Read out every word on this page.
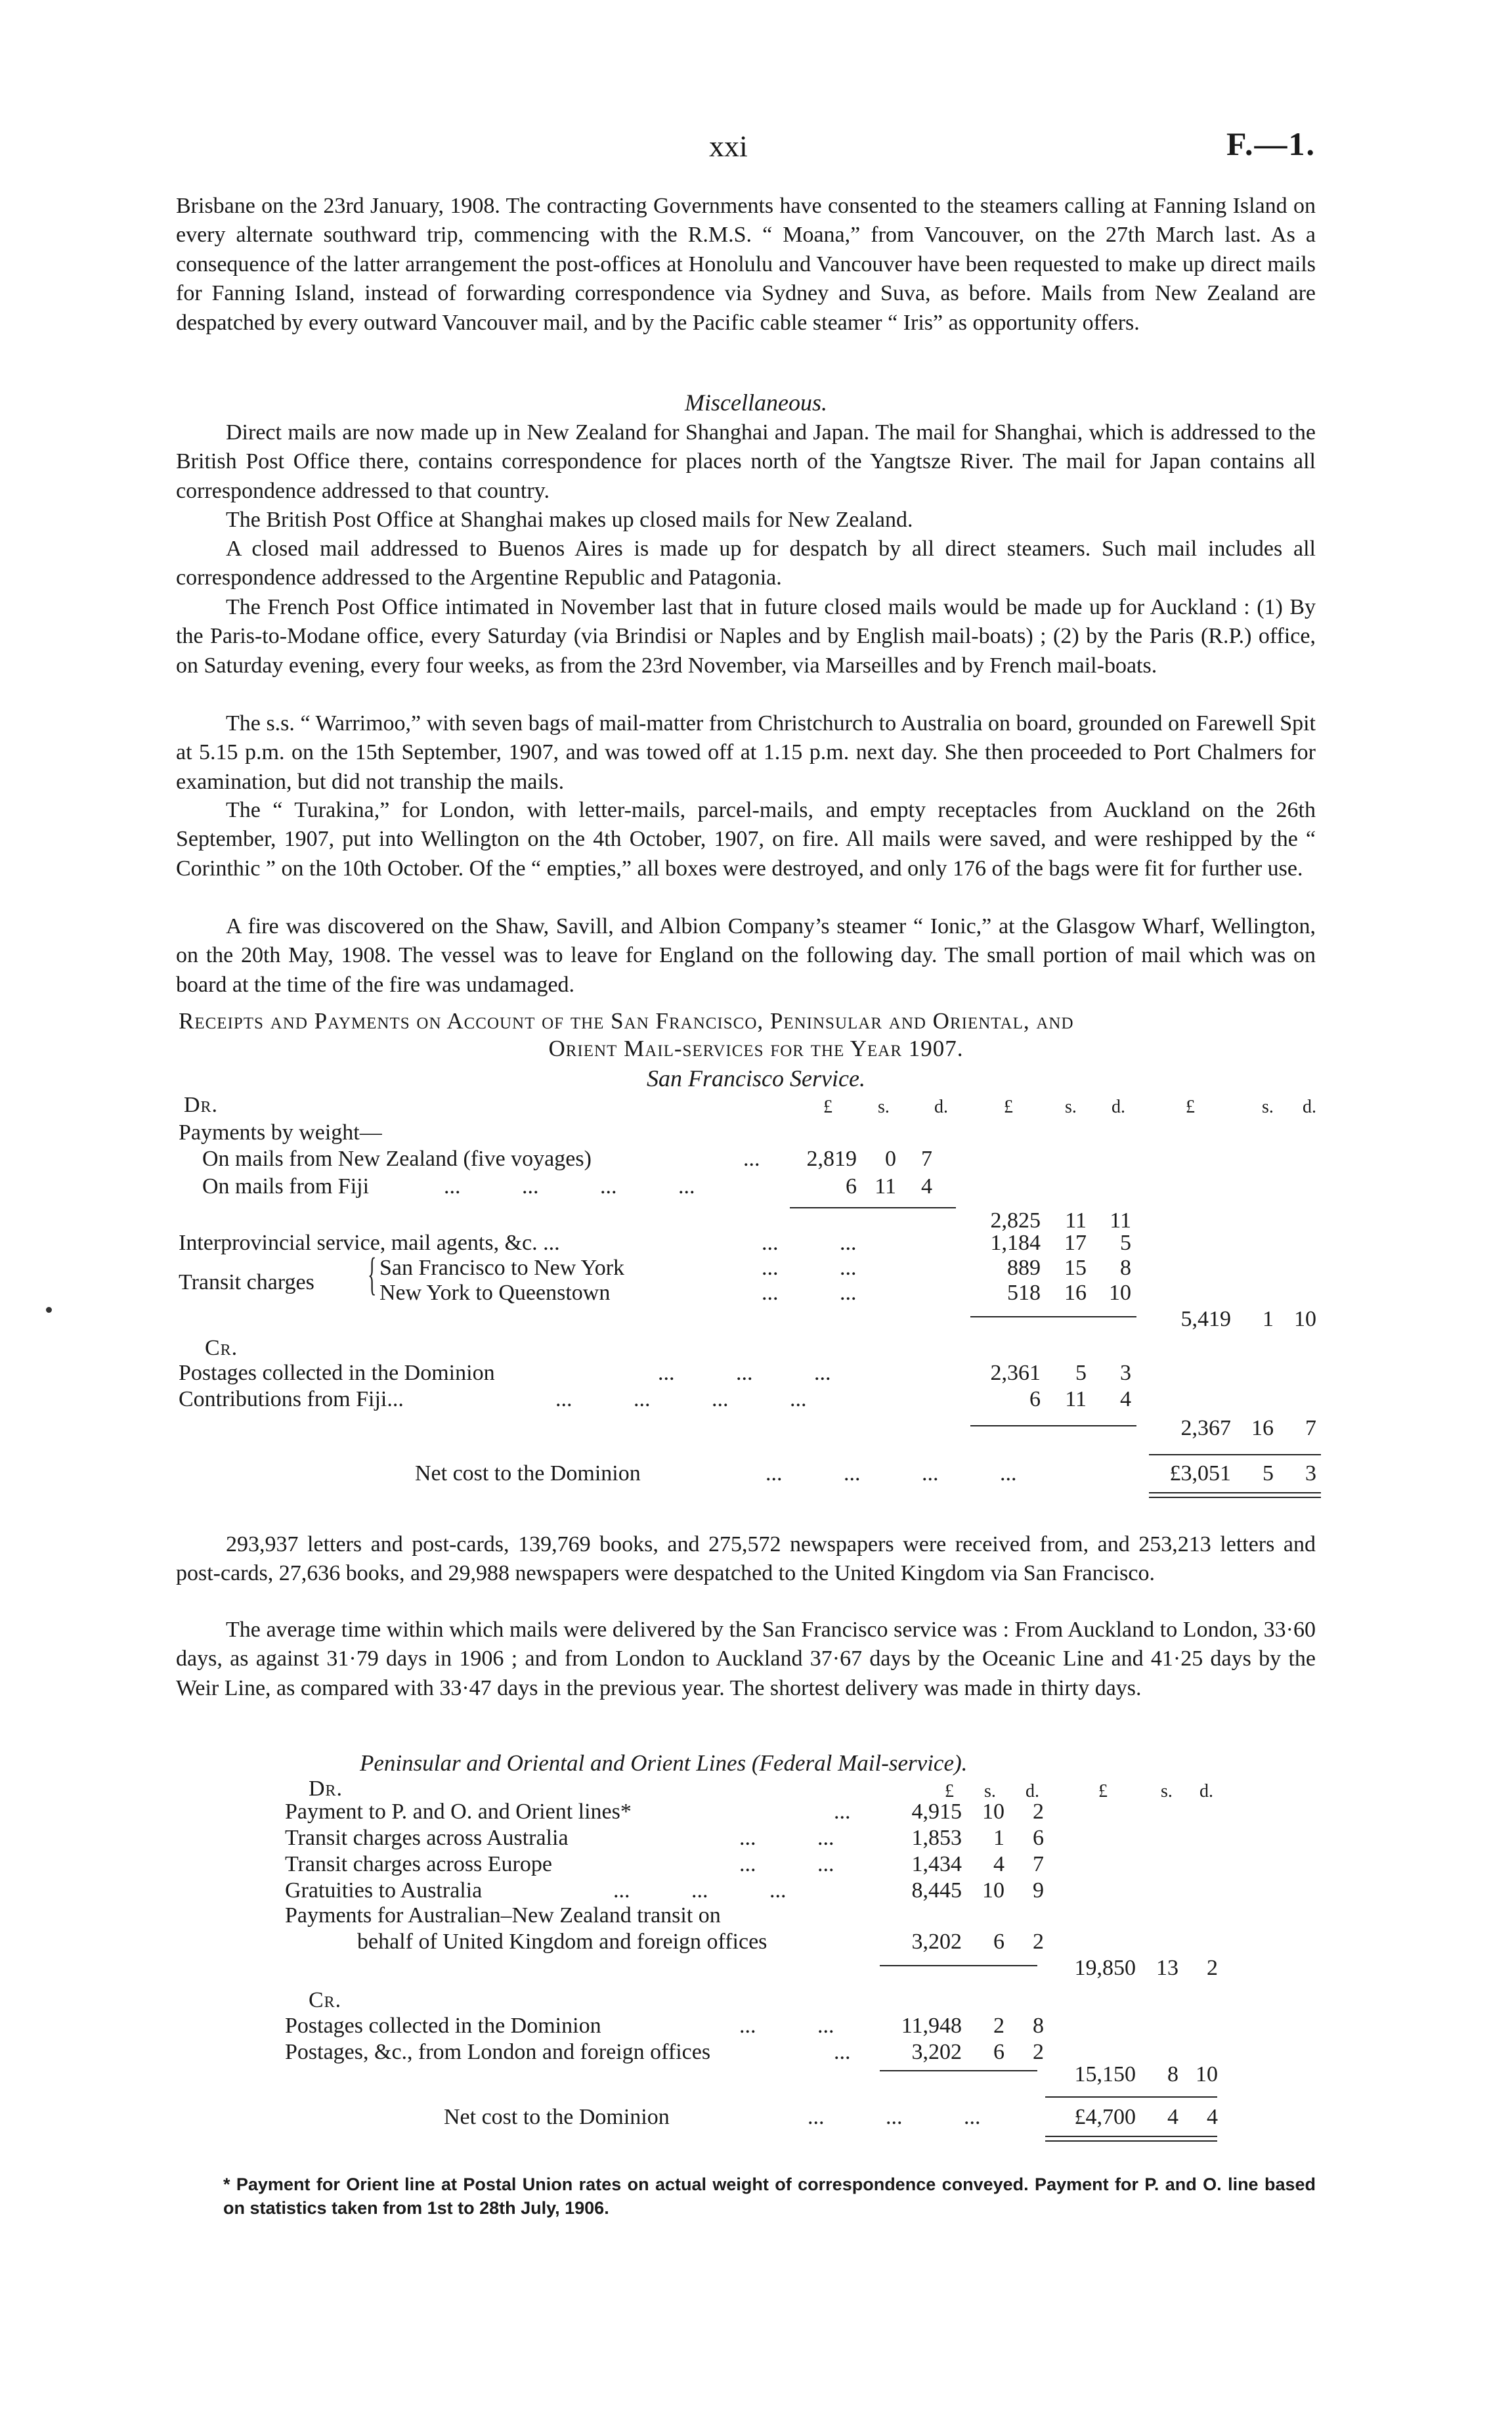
xxi	F.—1.
Brisbane on the 23rd January, 1908. The contracting Governments have consented to the steamers calling at Fanning Island on every alternate southward trip, commencing with the R.M.S. “ Moana,” from Vancouver, on the 27th March last. As a consequence of the latter arrangement the post-offices at Honolulu and Vancouver have been requested to make up direct mails for Fanning Island, instead of forwarding correspondence via Sydney and Suva, as before. Mails from New Zealand are despatched by every outward Vancouver mail, and by the Pacific cable steamer “ Iris” as opportunity offers.
Miscellaneous.
Direct mails are now made up in New Zealand for Shanghai and Japan. The mail for Shanghai, which is addressed to the British Post Office there, contains correspondence for places north of the Yangtsze River. The mail for Japan contains all correspondence addressed to that country.
The British Post Office at Shanghai makes up closed mails for New Zealand.
A closed mail addressed to Buenos Aires is made up for despatch by all direct steamers. Such mail includes all correspondence addressed to the Argentine Republic and Patagonia.
The French Post Office intimated in November last that in future closed mails would be made up for Auckland : (1) By the Paris-to-Modane office, every Saturday (via Brindisi or Naples and by English mail-boats) ; (2) by the Paris (R.P.) office, on Saturday evening, every four weeks, as from the 23rd November, via Marseilles and by French mail-boats.
The s.s. “ Warrimoo,” with seven bags of mail-matter from Christchurch to Australia on board, grounded on Farewell Spit at 5.15 p.m. on the 15th September, 1907, and was towed off at 1.15 p.m. next day. She then proceeded to Port Chalmers for examination, but did not tranship the mails.
The “ Turakina,” for London, with letter-mails, parcel-mails, and empty receptacles from Auckland on the 26th September, 1907, put into Wellington on the 4th October, 1907, on fire. All mails were saved, and were reshipped by the “ Corinthic ” on the 10th October. Of the “ empties,” all boxes were destroyed, and only 176 of the bags were fit for further use.
A fire was discovered on the Shaw, Savill, and Albion Company’s steamer “ Ionic,” at the Glasgow Wharf, Wellington, on the 20th May, 1908. The vessel was to leave for England on the following day. The small portion of mail which was on board at the time of the fire was undamaged.
Receipts and Payments on Account of the San Francisco, Peninsular and Oriental, and
Orient Mail-services for the Year 1907.
San Francisco Service.
Dr.	£ s. d.	£	s. d.	£	s. d.
Payments by weight—
On mails from New Zealand (five voyages)	...	2,819	0	7
On mails from Fiji	...           ...           ...           ...	6 11	4
2,825	11	11
Interprovincial service, mail agents, &c. ...	...           ...	1,184	17	5
Transit charges { San Francisco to New York	...           ...	889	15	8
New York to Queenstown	...           ...	518	16	10
5,419	1 10
Cr.
Postages collected in the Dominion	...           ...           ...	2,361	5	3
Contributions from Fiji...	...           ...           ...           ...	6	11	4
2,367 16	7
Net cost to the Dominion	...           ...           ...           ...	£3,051	5	3
293,937 letters and post-cards, 139,769 books, and 275,572 newspapers were received from, and 253,213 letters and post-cards, 27,636 books, and 29,988 newspapers were despatched to the United Kingdom via San Francisco.
The average time within which mails were delivered by the San Francisco service was : From Auckland to London, 33·60 days, as against 31·79 days in 1906 ; and from London to Auckland 37·67 days by the Oceanic Line and 41·25 days by the Weir Line, as compared with 33·47 days in the previous year. The shortest delivery was made in thirty days.
Peninsular and Oriental and Orient Lines (Federal Mail-service).
Dr.	£ s. d.	£	s. d.
Payment to P. and O. and Orient lines*	...	4,915 10	2
Transit charges across Australia	...           ...	1,853	1	6
Transit charges across Europe	...           ...	1,434	4	7
Gratuities to Australia	...           ...           ...	8,445 10	9
Payments for Australian–New Zealand transit on
behalf of United Kingdom and foreign offices	3,202	6	2
19,850 13	2
Cr.
Postages collected in the Dominion	...           ...	11,948	2	8
Postages, &c., from London and foreign offices	...	3,202	6	2
15,150	8 10
Net cost to the Dominion	...           ...           ...	£4,700	4	4
* Payment for Orient line at Postal Union rates on actual weight of correspondence conveyed. Payment for P. and O. line based on statistics taken from 1st to 28th July, 1906.
